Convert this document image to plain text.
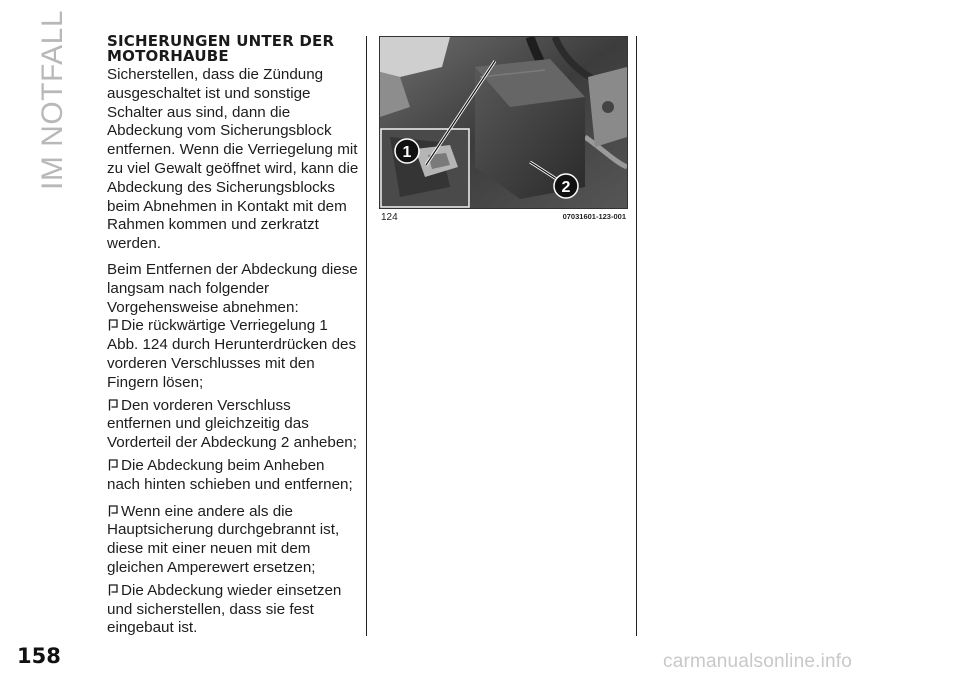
IM NOTFALL	SICHERUNGEN UNTER DER MOTORHAUBE

Sicherstellen, dass die Zündung ausgeschaltet ist und sonstige Schalter aus sind, dann die Abdeckung vom Sicherungsblock entfernen. Wenn die Verriegelung mit zu viel Gewalt geöffnet wird, kann die Abdeckung des Sicherungsblocks beim Abnehmen in Kontakt mit dem Rahmen kommen und zerkratzt werden.

Beim Entfernen der Abdeckung diese langsam nach folgender Vorgehensweise abnehmen:

Die rückwärtige Verriegelung 1 Abb. 124 durch Herunterdrücken des vorderen Verschlusses mit den Fingern lösen;
Den vorderen Verschluss entfernen und gleichzeitig das Vorderteil der Abdeckung 2 anheben;
Die Abdeckung beim Anheben nach hinten schieben und entfernen;
Wenn eine andere als die Hauptsicherung durchgebrannt ist, diese mit einer neuen mit dem gleichen Amperewert ersetzen;
Die Abdeckung wieder einsetzen und sicherstellen, dass sie fest eingebaut ist.
1
2
124	07031601-123-001
158	carmanualsonline.info
